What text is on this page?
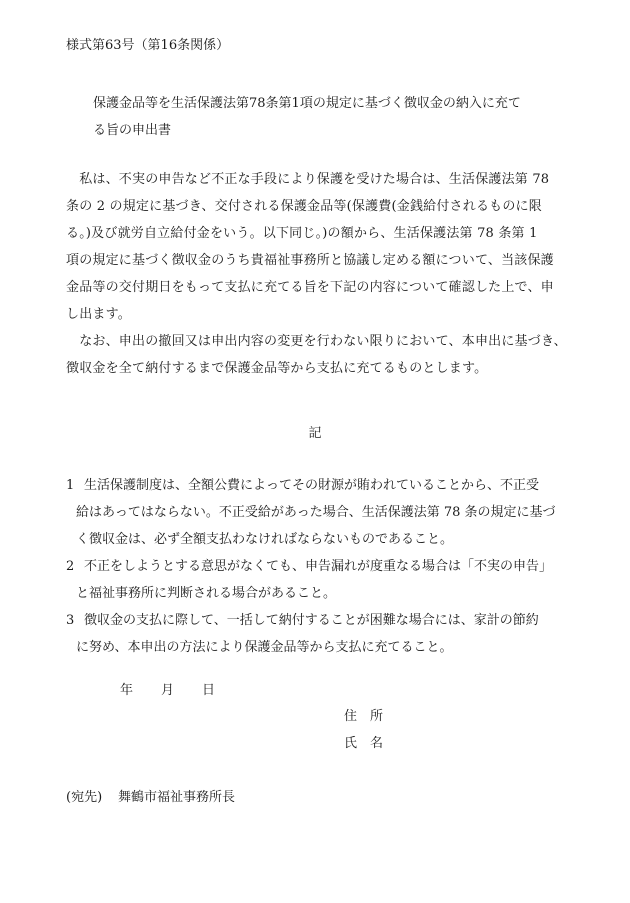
様式第63号（第16条関係）
保護金品等を生活保護法第78条第1項の規定に基づく徴収金の納入に充て
る旨の申出書
　私は、不実の申告など不正な手段により保護を受けた場合は、生活保護法第 78
条の 2 の規定に基づき、交付される保護金品等(保護費(金銭給付されるものに限
る。)及び就労自立給付金をいう。以下同じ。)の額から、生活保護法第 78 条第 1
項の規定に基づく徴収金のうち貴福祉事務所と協議し定める額について、当該保護
金品等の交付期日をもって支払に充てる旨を下記の内容について確認した上で、申
し出ます。
　なお、申出の撤回又は申出内容の変更を行わない限りにおいて、本申出に基づき、
徴収金を全て納付するまで保護金品等から支払に充てるものとします。
記
1 生活保護制度は、全額公費によってその財源が賄われていることから、不正受
給はあってはならない。不正受給があった場合、生活保護法第 78 条の規定に基づ
く徴収金は、必ず全額支払わなければならないものであること。
2 不正をしようとする意思がなくても、申告漏れが度重なる場合は「不実の申告」
と福祉事務所に判断される場合があること。
3 徴収金の支払に際して、一括して納付することが困難な場合には、家計の節約
に努め、本申出の方法により保護金品等から支払に充てること。
年 月 日
住　所
氏　名
(宛先) 舞鶴市福祉事務所長
